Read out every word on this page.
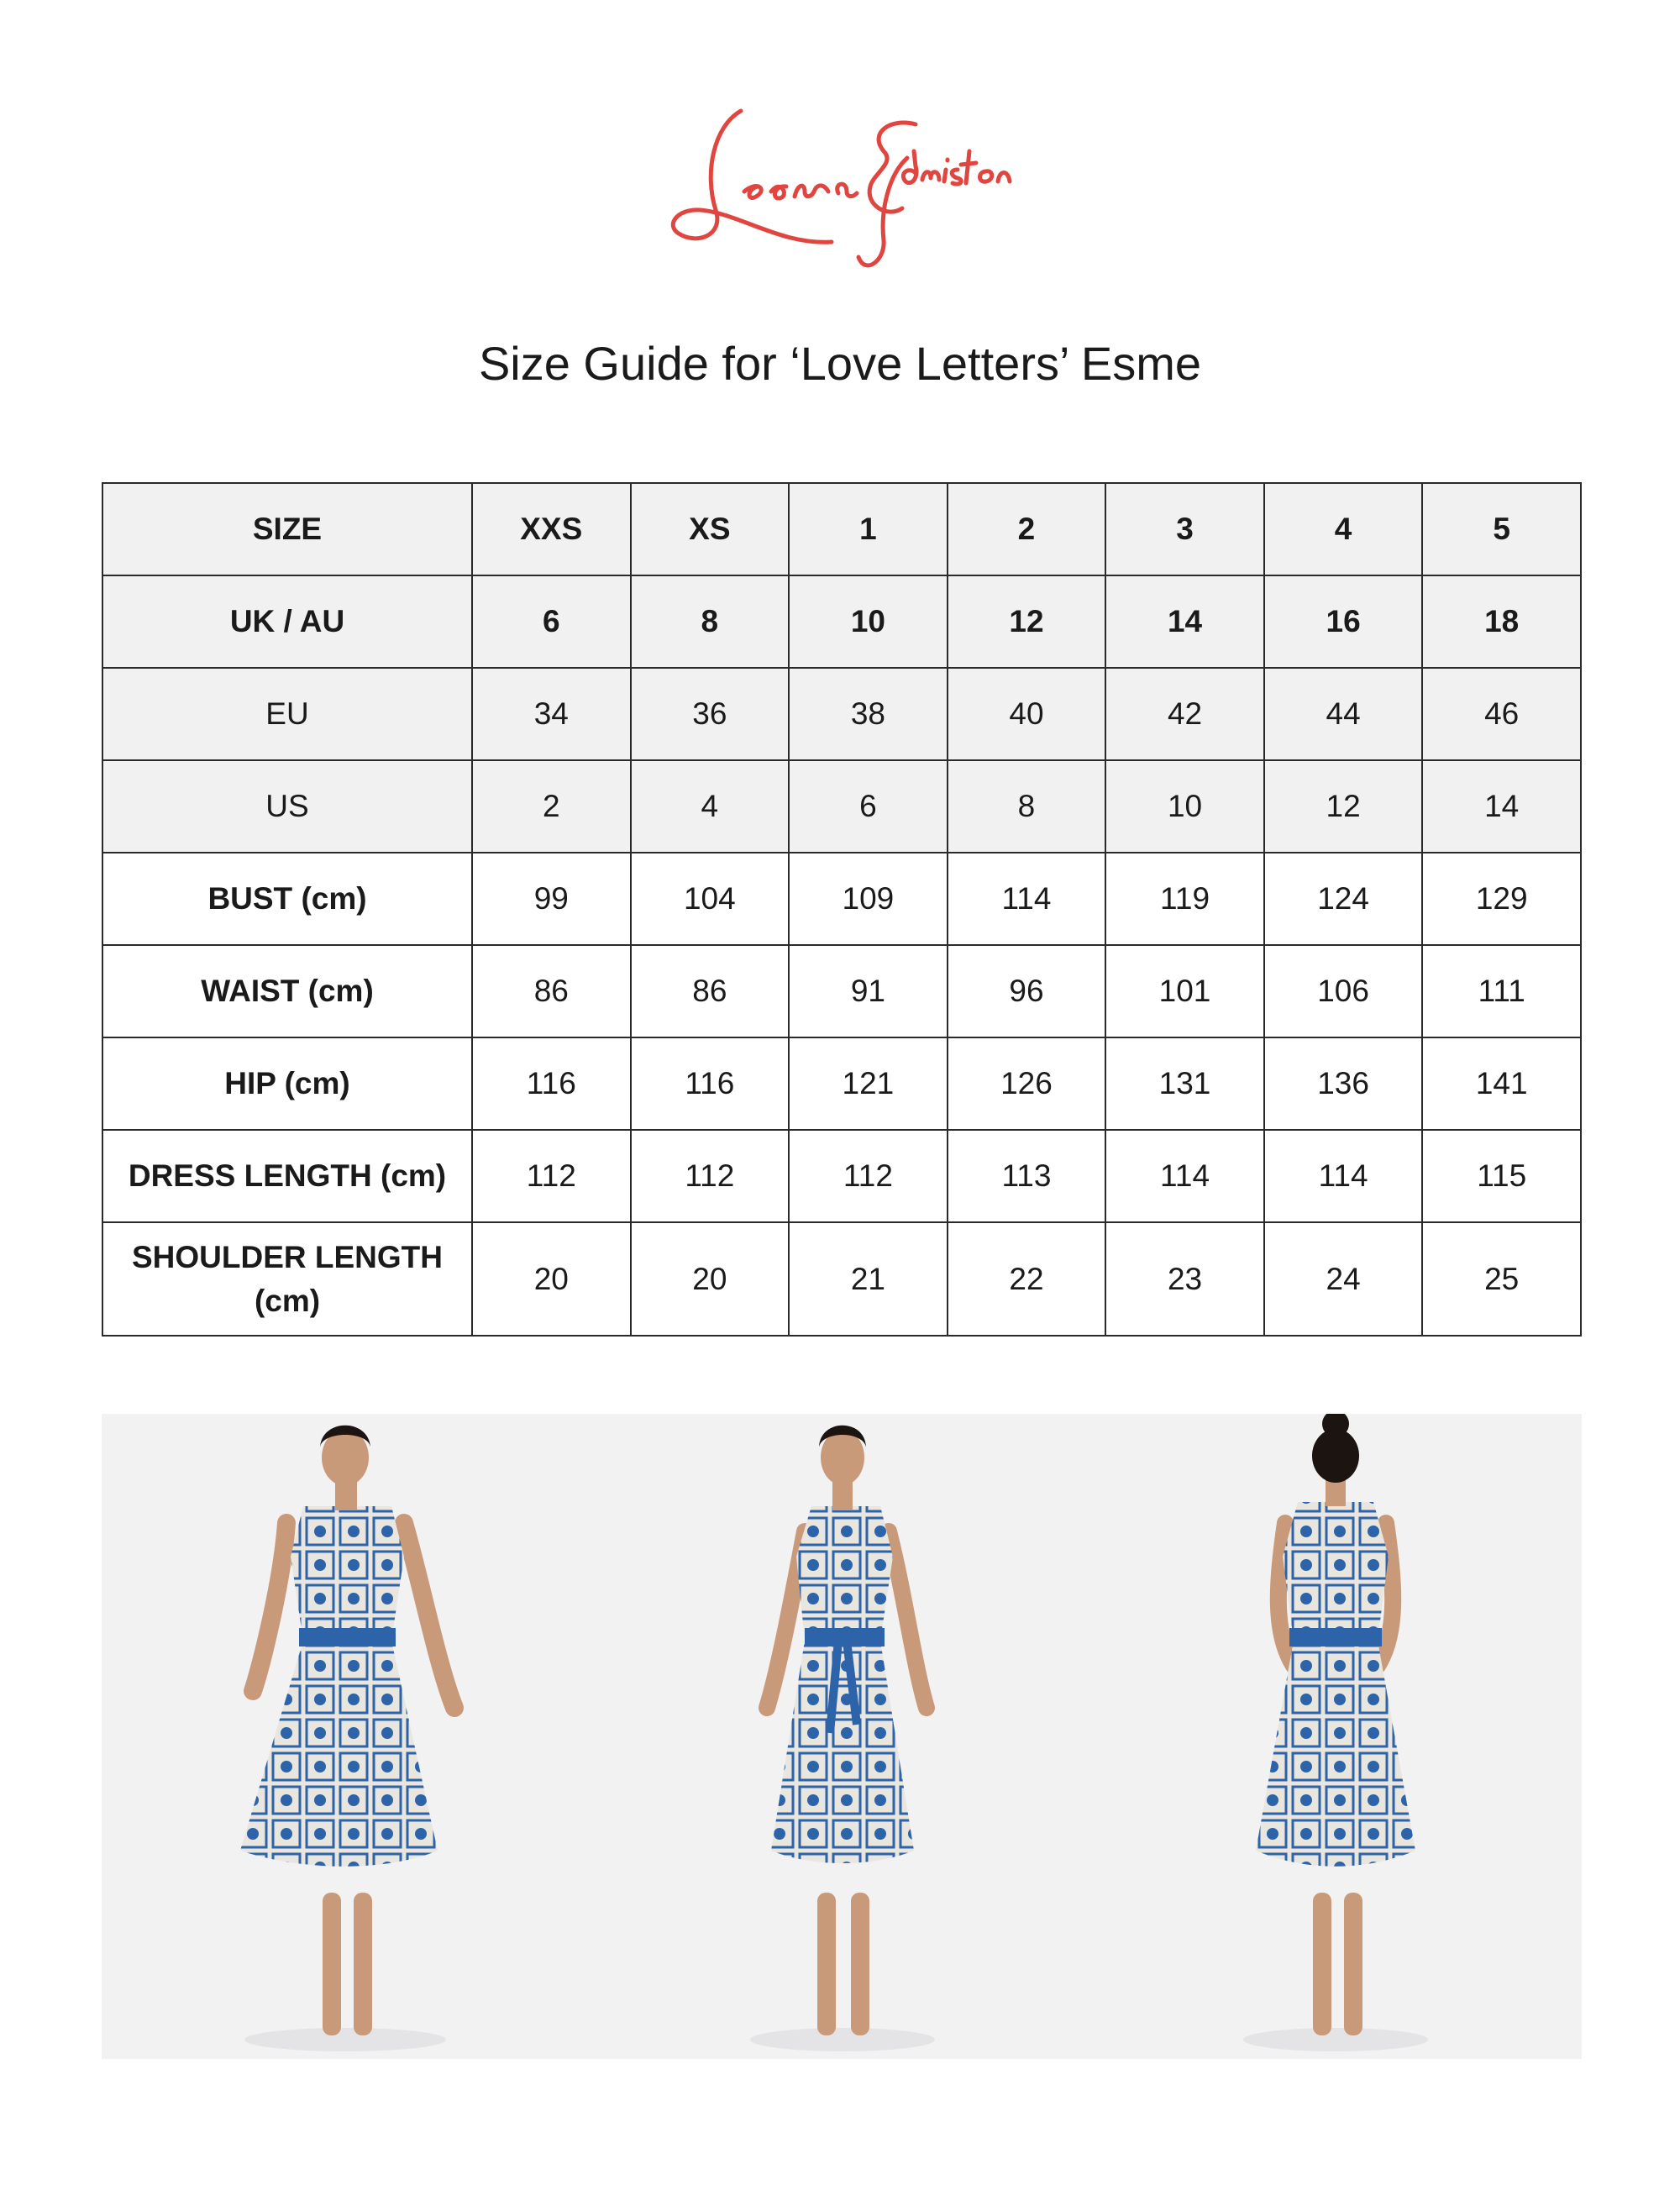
Size Guide for ‘Love Letters’ Esme
SIZE	XXS	XS	1	2	3	4	5
UK / AU	6	8	10	12	14	16	18
EU	34	36	38	40	42	44	46
US	2	4	6	8	10	12	14
BUST (cm)	99	104	109	114	119	124	129
WAIST (cm)	86	86	91	96	101	106	111
HIP (cm)	116	116	121	126	131	136	141
DRESS LENGTH (cm)	112	112	112	113	114	114	115
SHOULDER LENGTH
(cm)	20	20	21	22	23	24	25
